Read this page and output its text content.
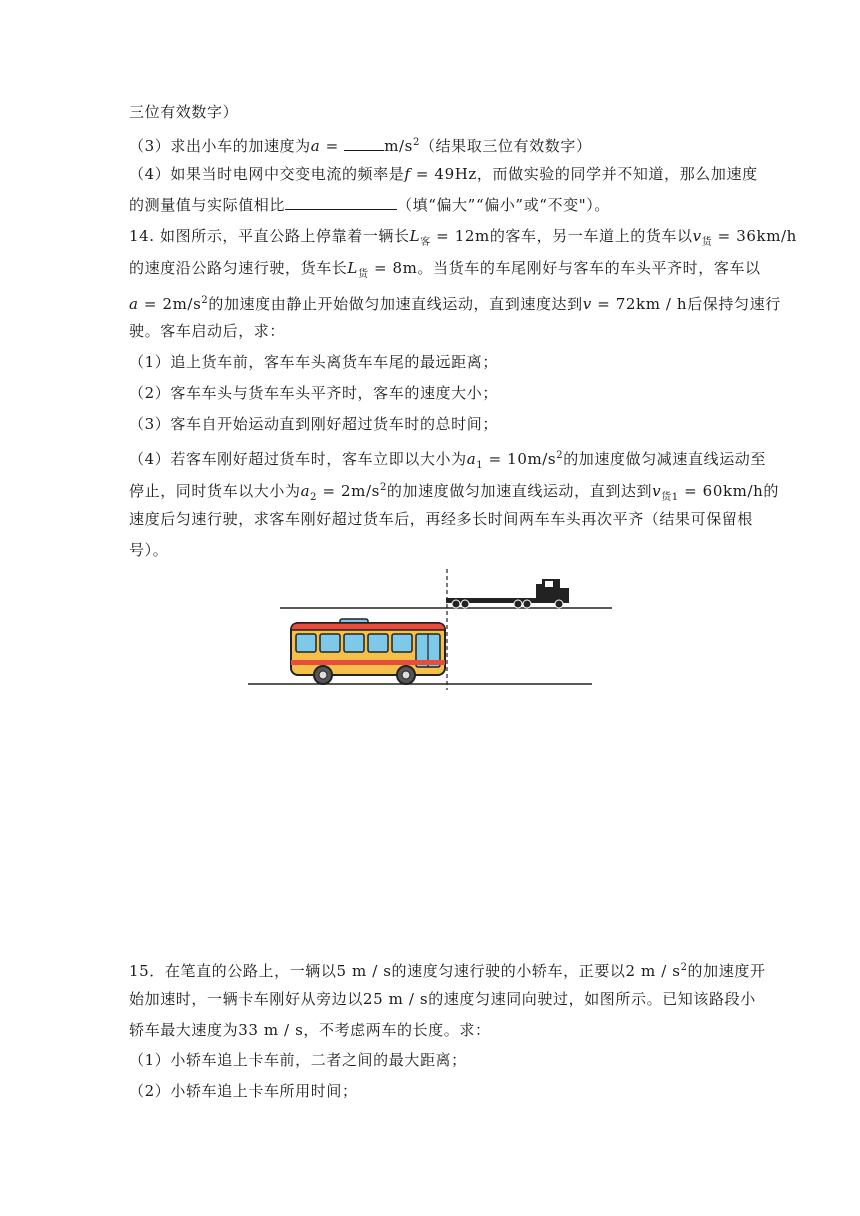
三位有效数字）
（3）求出小车的加速度为a =	$m/s^2$（结果取三位有效数字）
（4）如果当时电网中交变电流的频率是f = 49Hz，而做实验的同学并不知道，那么加速度
的测量值与实际值相比	（填“偏大”“偏小”或“不变"）。
14. 如图所示，平直公路上停靠着一辆长$L_客 = 12m$的客车，另一车道上的货车以$v_货 = 36km/h$
的速度沿公路匀速行驶，货车长$L_货 = 8m$。当货车的车尾刚好与客车的车头平齐时，客车以
$a = 2m/s^2$的加速度由静止开始做匀加速直线运动，直到速度达到v = 72km / h后保持匀速行
驶。客车启动后，求：
（1）追上货车前，客车车头离货车车尾的最远距离；
（2）客车车头与货车车头平齐时，客车的速度大小；
（3）客车自开始运动直到刚好超过货车时的总时间；
（4）若客车刚好超过货车时，客车立即以大小为$a_1 = 10m/s^2$的加速度做匀减速直线运动至
停止，同时货车以大小为$a_2 = 2m/s^2$的加速度做匀加速直线运动，直到达到$v_{货1} = 60km/h$的
速度后匀速行驶，求客车刚好超过货车后，再经多长时间两车车头再次平齐（结果可保留根
号）。
15．在笔直的公路上，一辆以5 m / s的速度匀速行驶的小轿车，正要以2 m / $s^2$的加速度开
始加速时，一辆卡车刚好从旁边以25 m / s的速度匀速同向驶过，如图所示。已知该路段小
轿车最大速度为33 m / s，不考虑两车的长度。求：
（1）小轿车追上卡车前，二者之间的最大距离；
（2）小轿车追上卡车所用时间；
